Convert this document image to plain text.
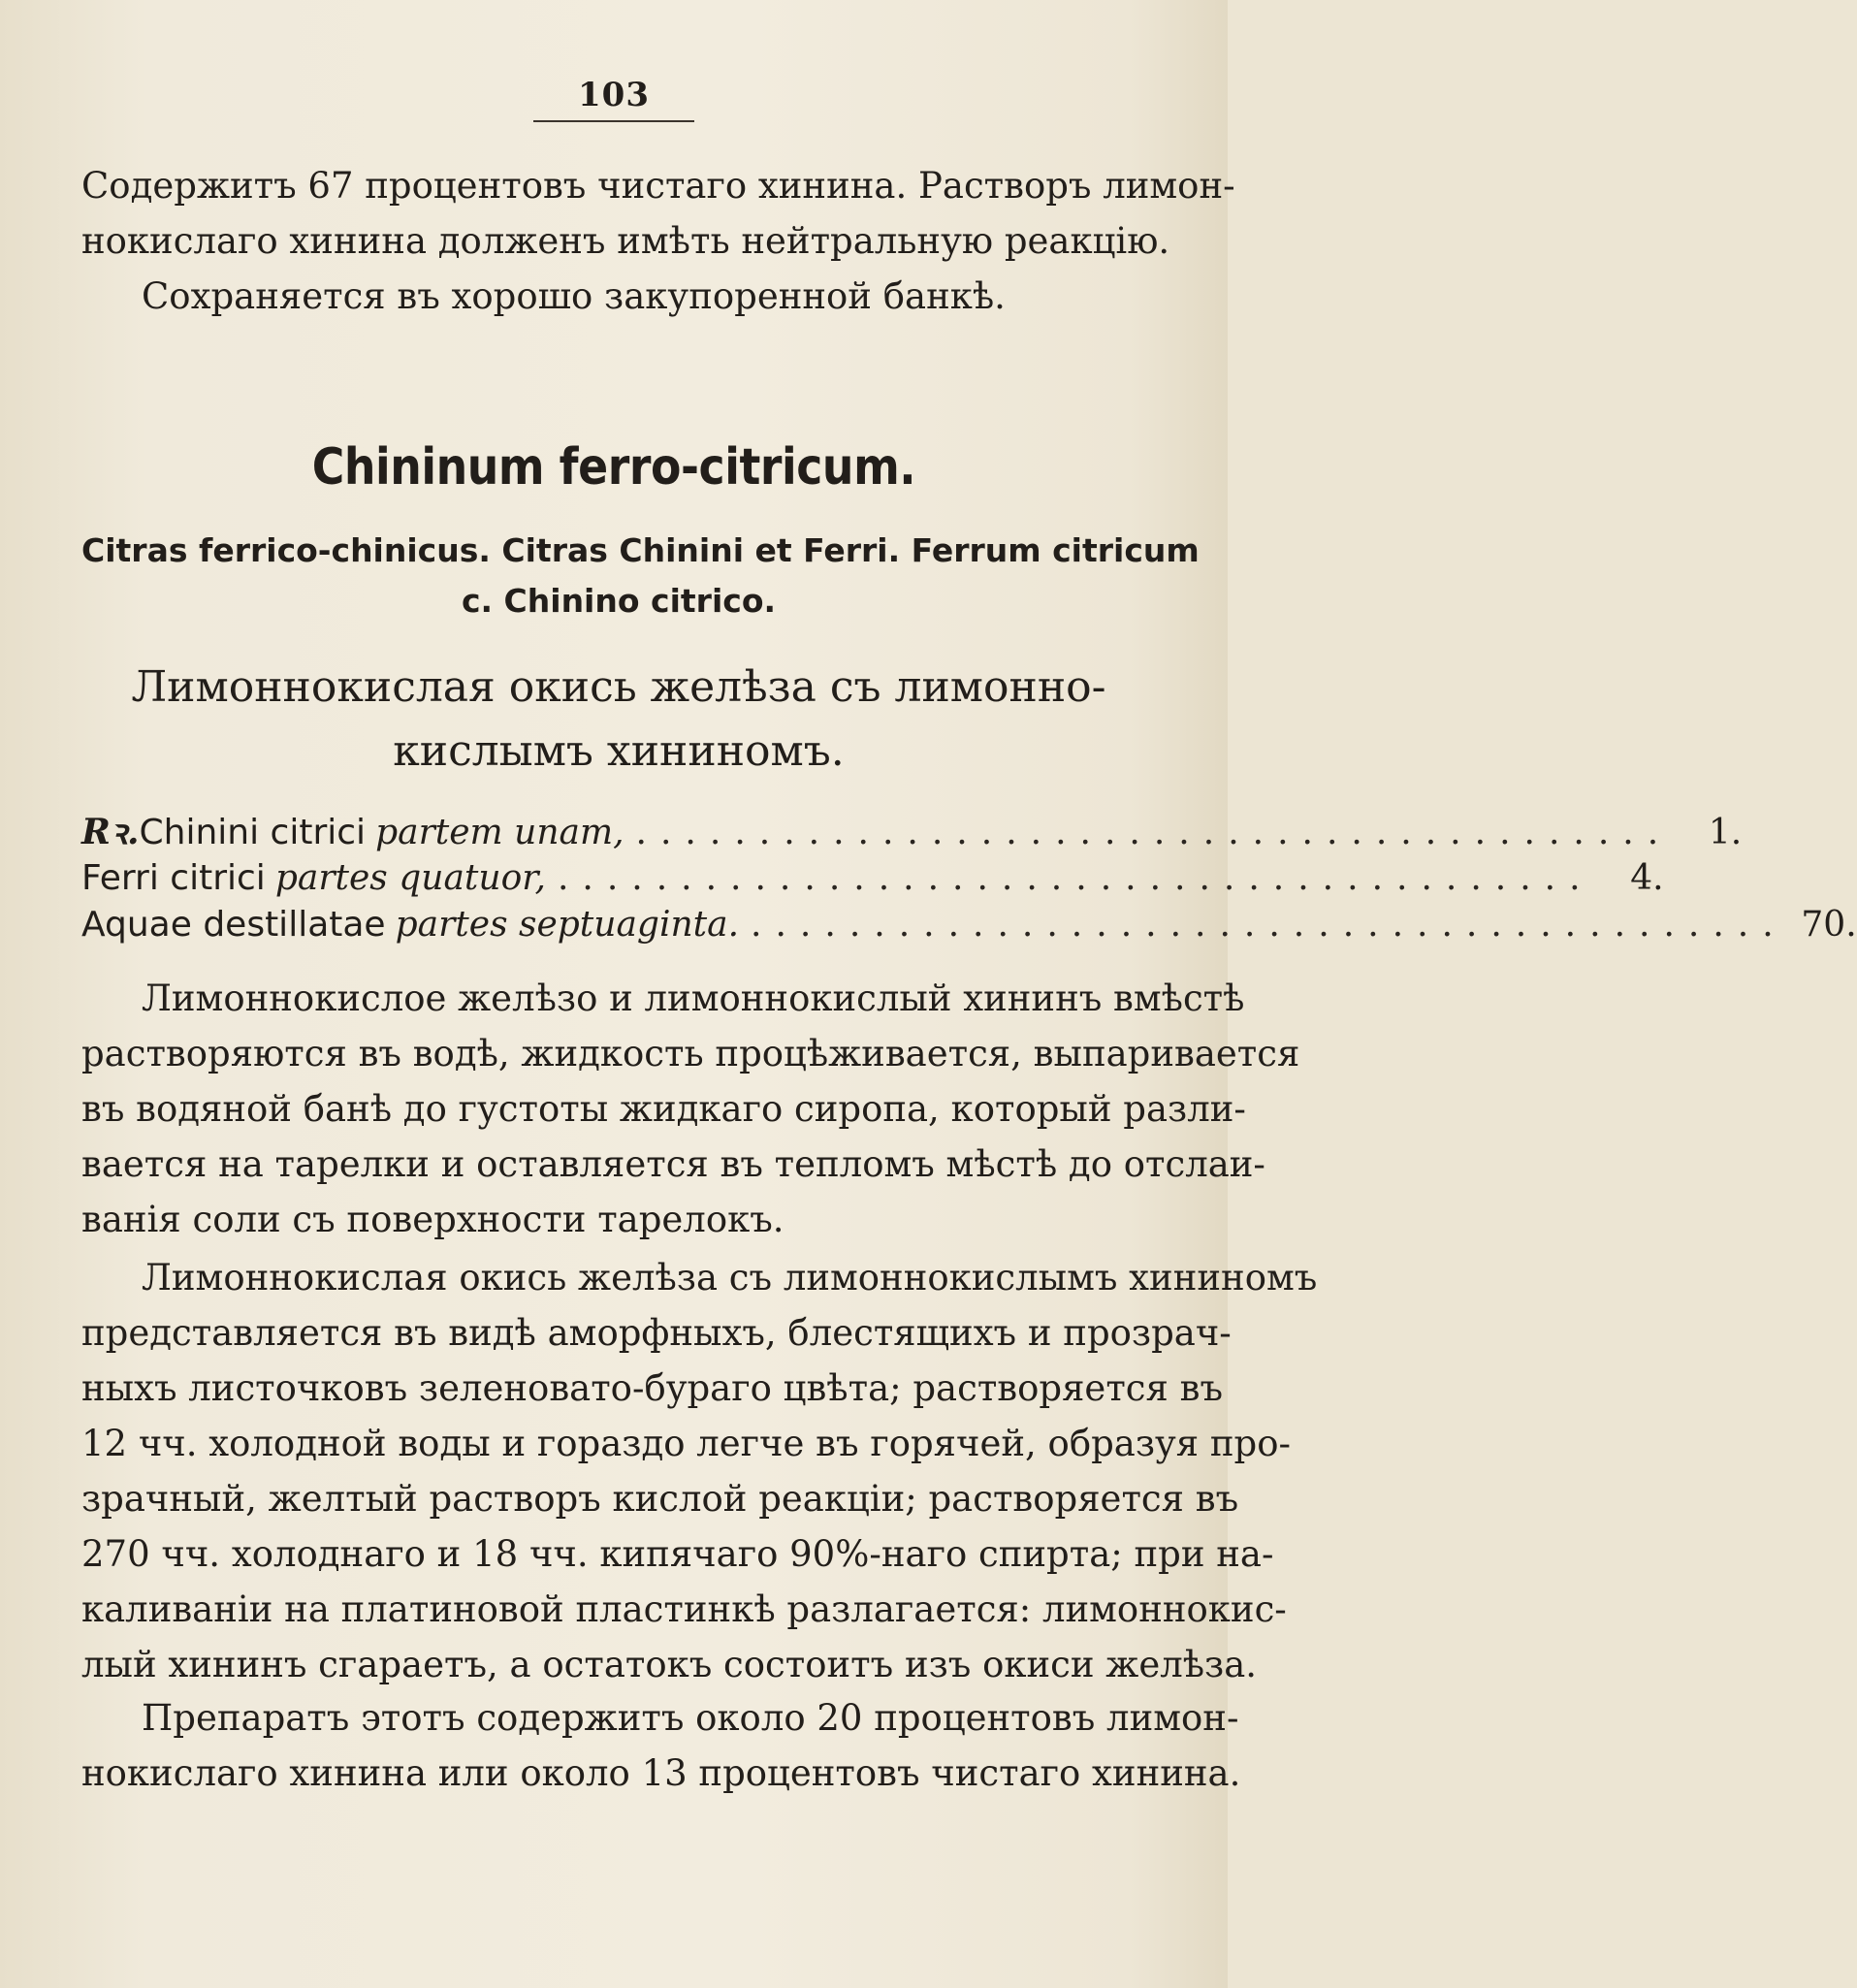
103
Содержитъ 67 процентовъ чистаго хинина. Растворъ лимон-
нокислаго хинина долженъ имѣть нейтральную реакцію.
Сохраняется въ хорошо закупоренной банкѣ.
Chininum ferro-citricum.
Citras ferrico-chinicus. Citras Chinini et Ferri. Ferrum citricum
c. Chinino citrico.
Лимоннокислая окись желѣза съ лимонно-
кислымъ хининомъ.
Rꝛ. Chinini citrici partem unam, ..........................................	1.
Ferri citrici partes quatuor, ..........................................	4.
Aquae destillatae partes septuaginta. .......................................... 70.
Лимоннокислое желѣзо и лимоннокислый хининъ вмѣстѣ
растворяются въ водѣ, жидкость процѣживается, выпаривается
въ водяной банѣ до густоты жидкаго сиропа, который разли-
вается на тарелки и оставляется въ тепломъ мѣстѣ до отслаи-
ванія соли съ поверхности тарелокъ.
Лимоннокислая окись желѣза съ лимоннокислымъ хининомъ
представляется въ видѣ аморфныхъ, блестящихъ и прозрач-
ныхъ листочковъ зеленовато-бураго цвѣта; растворяется въ
12 чч. холодной воды и гораздо легче въ горячей, образуя про-
зрачный, желтый растворъ кислой реакціи; растворяется въ
270 чч. холоднаго и 18 чч. кипячаго 90%-наго спирта; при на-
каливаніи на платиновой пластинкѣ разлагается: лимоннокис-
лый хининъ сгараетъ, а остатокъ состоитъ изъ окиси желѣза.
Препаратъ этотъ содержитъ около 20 процентовъ лимон-
нокислаго хинина или около 13 процентовъ чистаго хинина.
